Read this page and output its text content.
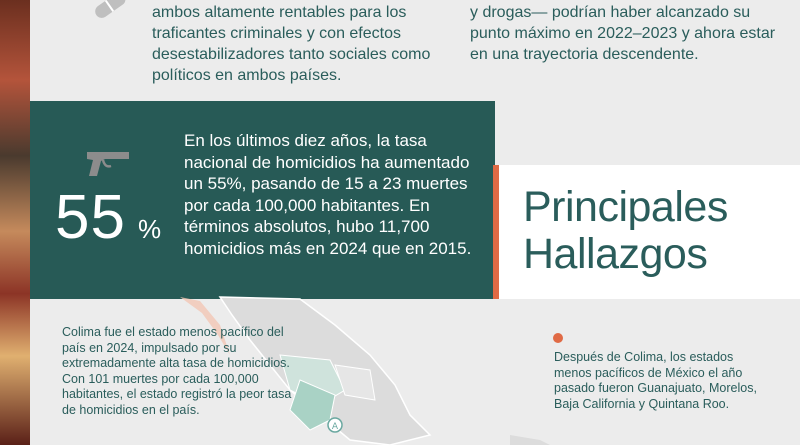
ambos altamente rentables para los traficantes criminales y con efectos desestabilizadores tanto sociales como políticos en ambos países.
y drogas— podrían haber alcanzado su punto máximo en 2022–2023 y ahora estar en una trayectoria descendente.
55 %
En los últimos diez años, la tasa nacional de homicidios ha aumentado un 55%, pasando de 15 a 23 muertes por cada 100,000 habitantes. En términos absolutos, hubo 11,700 homicidios más en 2024 que en 2015.
Principales
Hallazgos
A
Colima fue el estado menos pacífico del país en 2024, impulsado por su extremadamente alta tasa de homicidios. Con 101 muertes por cada 100,000 habitantes, el estado registró la peor tasa de homicidios en el país.
Después de Colima, los estados menos pacíficos de México el año pasado fueron Guanajuato, Morelos, Baja California y Quintana Roo.
